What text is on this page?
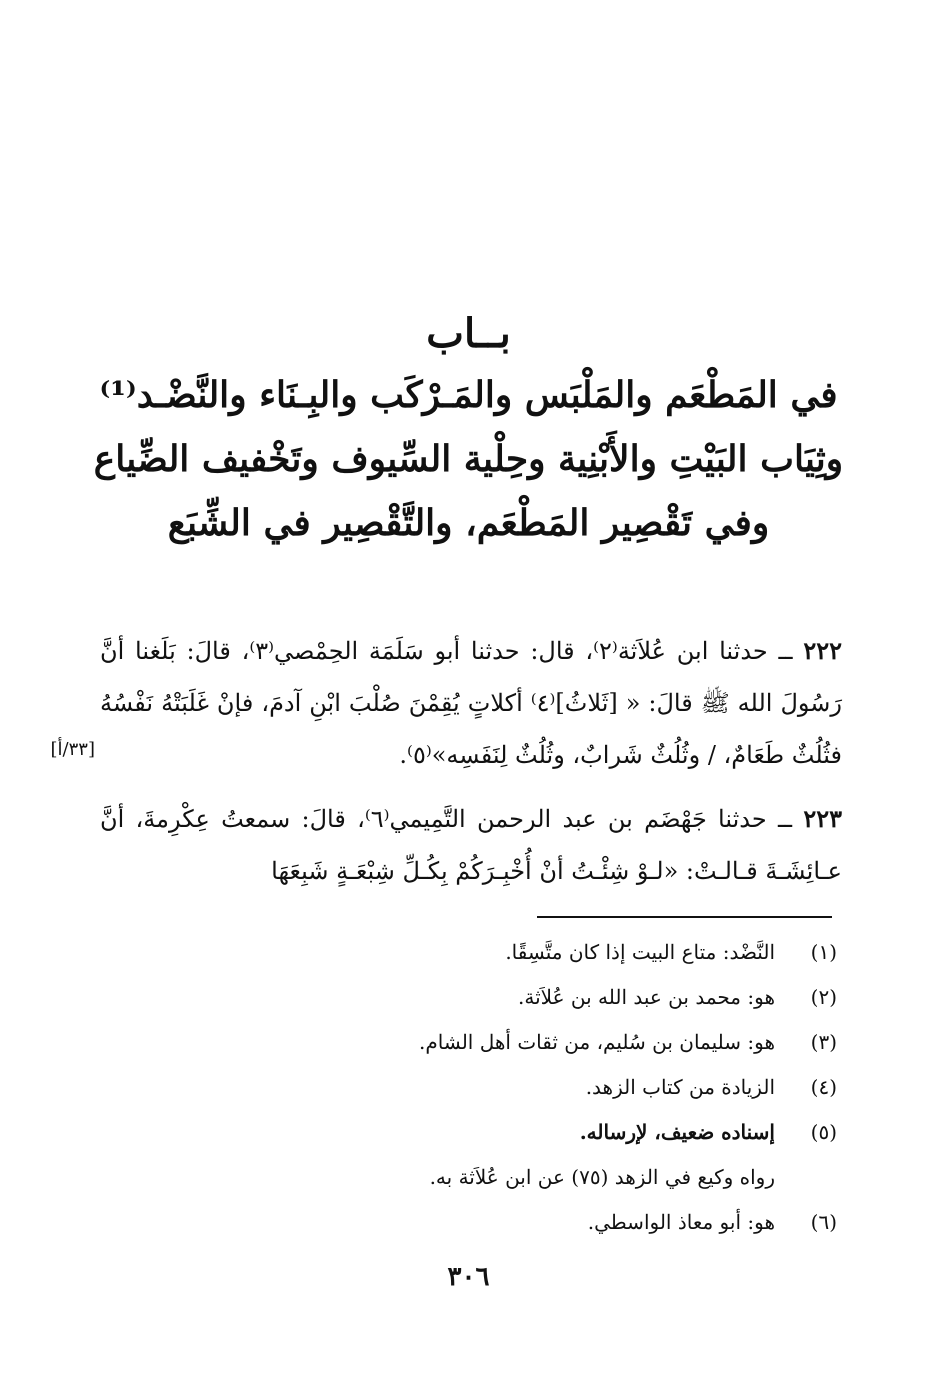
بــاب
في المَطْعَم والمَلْبَس والمَـرْكَب والبِـنَاء والنَّضْـد⁽¹⁾
وثِيَاب البَيْتِ والأَبْنِية وحِلْية السِّيوف وتَخْفيف الضِّياع
وفي تَقْصِير المَطْعَم، والتَّقْصِير في الشِّبَع

٢٢٢ ــ حدثنا ابن عُلاَثة⁽٢⁾، قال: حدثنا أبو سَلَمَة الحِمْصي⁽٣⁾، قالَ: بَلَغنا أنَّ رَسُولَ الله ﷺ قالَ: « [ثَلاثُ]⁽٤⁾ أكلاتٍ يُقِمْنَ صُلْبَ ابْنِ آدمَ، فإنْ غَلَبَتْهُ نَفْسُهُ فثُلُثٌ طَعَامٌ، / وثُلُثٌ شَرابٌ، وثُلُثٌ لِنَفَسِه»⁽٥⁾.

٢٢٣ ــ حدثنا جَهْضَم بن عبد الرحمن التَّمِيمي⁽٦⁾، قالَ: سمعتُ عِكْرِمةَ، أنَّ عـائِشَـةَ قـالـتْ: «لـوْ شِئْـتُ أنْ أُخْبِـرَكُمْ بِكُـلِّ شِبْعَـةٍ شَبِعَهَا

[٣٣/أ]
(١)
النَّضْد: متاع البيت إذا كان متَّسِقًا.
(٢)
هو: محمد بن عبد الله بن عُلاَثة.
(٣)
هو: سليمان بن سُليم، من ثقات أهل الشام.
(٤)
الزيادة من كتاب الزهد.
(٥)
إسناده ضعيف، لإرساله.
رواه وكيع في الزهد (٧٥) عن ابن عُلاَثة به.
(٦)
هو: أبو معاذ الواسطي.
٣٠٦
